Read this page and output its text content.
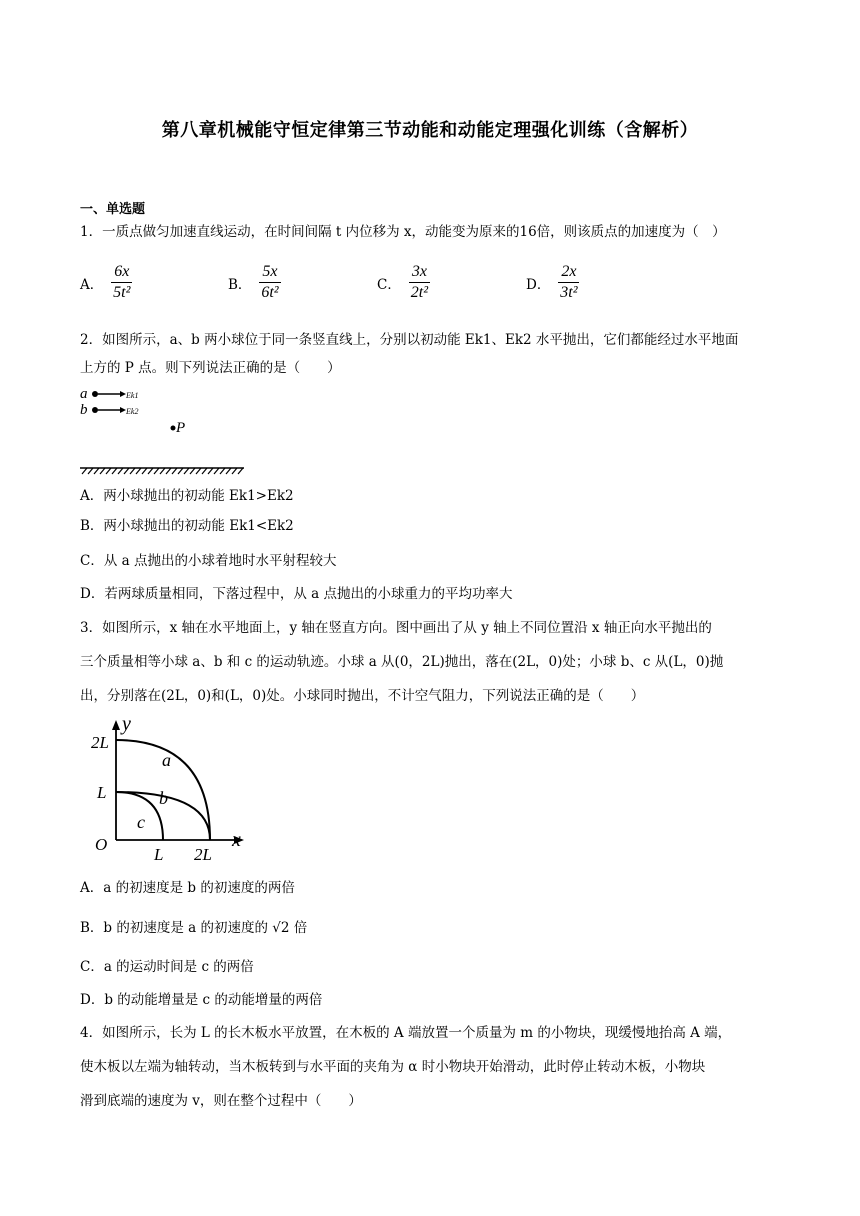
第八章机械能守恒定律第三节动能和动能定理强化训练（含解析）
一、单选题
1．一质点做匀加速直线运动，在时间间隔 t 内位移为 x，动能变为原来的16倍，则该质点的加速度为（　）
A． $\frac{6x}{\text{5t²}}$	B． $\frac{5x}{\text{6t²}}$	C． $\frac{3x}{\text{2t²}}$	D． $\frac{2x}{\text{3t²}}$
2．如图所示，a、b 两小球位于同一条竖直线上，分别以初动能 Ek1、Ek2 水平抛出，它们都能经过水平地面
上方的 P 点。则下列说法正确的是（　　）
a	Ek1
b	Ek2
P
A．两小球抛出的初动能 Ek1>Ek2
B．两小球抛出的初动能 Ek1<Ek2
C．从 a 点抛出的小球着地时水平射程较大
D．若两球质量相同，下落过程中，从 a 点抛出的小球重力的平均功率大
3．如图所示，x 轴在水平地面上，y 轴在竖直方向。图中画出了从 y 轴上不同位置沿 x 轴正向水平抛出的
三个质量相等小球 a、b 和 c 的运动轨迹。小球 a 从(0，2L)抛出，落在(2L，0)处；小球 b、c 从(L，0)抛
出，分别落在(2L，0)和(L，0)处。小球同时抛出，不计空气阻力，下列说法正确的是（　　）
y
x
2L
L
O
L 2L
a
b
c
A．a 的初速度是 b 的初速度的两倍
B．b 的初速度是 a 的初速度的 √2 倍
C．a 的运动时间是 c 的两倍
D．b 的动能增量是 c 的动能增量的两倍
4．如图所示，长为 L 的长木板水平放置，在木板的 A 端放置一个质量为 m 的小物块，现缓慢地抬高 A 端，
使木板以左端为轴转动，当木板转到与水平面的夹角为 α 时小物块开始滑动，此时停止转动木板，小物块
滑到底端的速度为 v，则在整个过程中（　　）
